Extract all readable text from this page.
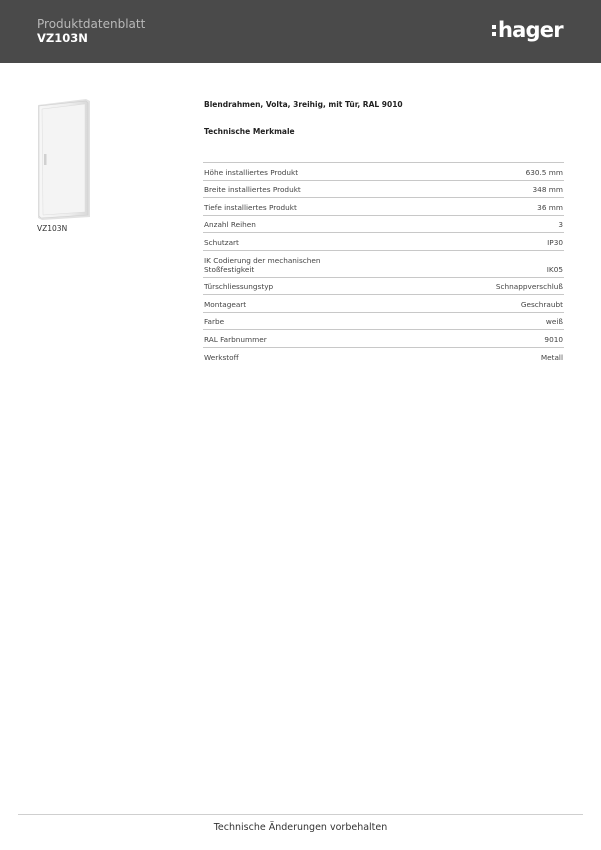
Produktdatenblatt
VZ103N	hager
VZ103N
Blendrahmen, Volta, 3reihig, mit Tür, RAL 9010
Technische Merkmale
Höhe installiertes Produkt	630.5 mm
Breite installiertes Produkt	348 mm
Tiefe installiertes Produkt	36 mm
Anzahl Reihen	3
Schutzart	IP30
IK Codierung der mechanischen
Stoßfestigkeit	IK05
Türschliessungstyp	Schnappverschluß
Montageart	Geschraubt
Farbe	weiß
RAL Farbnummer	9010
Werkstoff	Metall
Technische Änderungen vorbehalten
